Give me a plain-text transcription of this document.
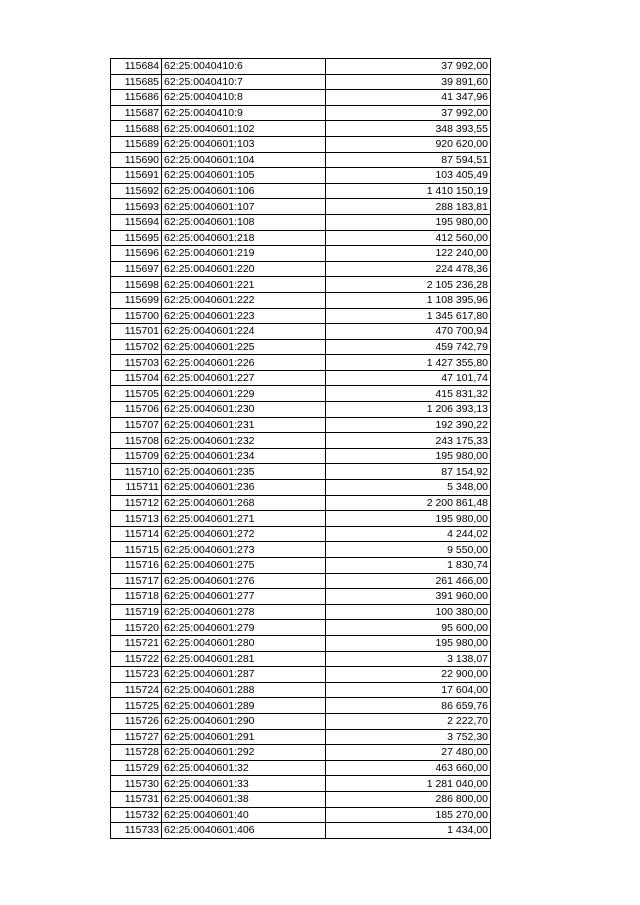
115684	62:25:0040410:6	37 992,00
115685	62:25:0040410:7	39 891,60
115686	62:25:0040410:8	41 347,96
115687	62:25:0040410:9	37 992,00
115688	62:25:0040601:102	348 393,55
115689	62:25:0040601:103	920 620,00
115690	62:25:0040601:104	87 594,51
115691	62:25:0040601:105	103 405,49
115692	62:25:0040601:106	1 410 150,19
115693	62:25:0040601:107	288 183,81
115694	62:25:0040601:108	195 980,00
115695	62:25:0040601:218	412 560,00
115696	62:25:0040601:219	122 240,00
115697	62:25:0040601:220	224 478,36
115698	62:25:0040601:221	2 105 236,28
115699	62:25:0040601:222	1 108 395,96
115700	62:25:0040601:223	1 345 617,80
115701	62:25:0040601:224	470 700,94
115702	62:25:0040601:225	459 742,79
115703	62:25:0040601:226	1 427 355,80
115704	62:25:0040601:227	47 101,74
115705	62:25:0040601:229	415 831,32
115706	62:25:0040601:230	1 206 393,13
115707	62:25:0040601:231	192 390,22
115708	62:25:0040601:232	243 175,33
115709	62:25:0040601:234	195 980,00
115710	62:25:0040601:235	87 154,92
115711	62:25:0040601:236	5 348,00
115712	62:25:0040601:268	2 200 861,48
115713	62:25:0040601:271	195 980,00
115714	62:25:0040601:272	4 244,02
115715	62:25:0040601:273	9 550,00
115716	62:25:0040601:275	1 830,74
115717	62:25:0040601:276	261 466,00
115718	62:25:0040601:277	391 960,00
115719	62:25:0040601:278	100 380,00
115720	62:25:0040601:279	95 600,00
115721	62:25:0040601:280	195 980,00
115722	62:25:0040601:281	3 138,07
115723	62:25:0040601:287	22 900,00
115724	62:25:0040601:288	17 604,00
115725	62:25:0040601:289	86 659,76
115726	62:25:0040601:290	2 222,70
115727	62:25:0040601:291	3 752,30
115728	62:25:0040601:292	27 480,00
115729	62:25:0040601:32	463 660,00
115730	62:25:0040601:33	1 281 040,00
115731	62:25:0040601:38	286 800,00
115732	62:25:0040601:40	185 270,00
115733	62:25:0040601:406	1 434,00
